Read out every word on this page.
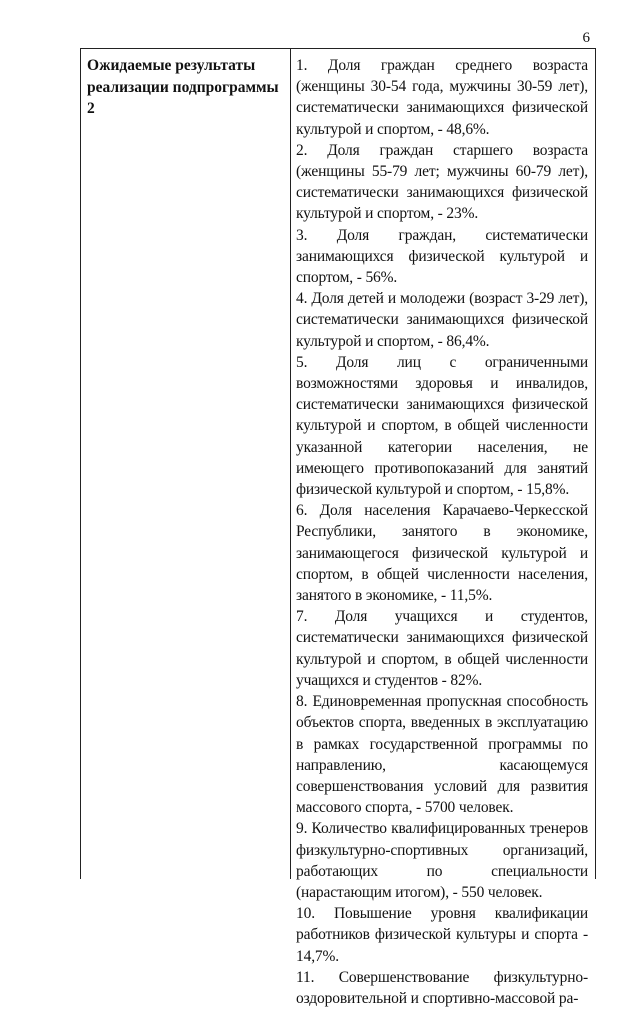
6
Ожидаемые результаты реализации подпрограммы 2

1. Доля граждан среднего возраста (женщины 30-54 года, мужчины 30-59 лет), систематически занимающихся физической культурой и спортом, - 48,6%.

2. Доля граждан старшего возраста (женщины 55-79 лет; мужчины 60-79 лет), систематически занимающихся физической культурой и спортом, - 23%.

3. Доля граждан, систематически занимающихся физической культурой и спортом, - 56%.

4. Доля детей и молодежи (возраст 3-29 лет), систематически занимающихся физической культурой и спортом, - 86,4%.

5. Доля лиц с ограниченными возможностями здоровья и инвалидов, систематически занимающихся физической культурой и спортом, в общей численности указанной категории населения, не имеющего противопоказаний для занятий физической культурой и спортом, - 15,8%.

6. Доля населения Карачаево-Черкесской Республики, занятого в экономике, занимающегося физической культурой и спортом, в общей численности населения, занятого в экономике, - 11,5%.

7. Доля учащихся и студентов, систематически занимающихся физической культурой и спортом, в общей численности учащихся и студентов - 82%.

8. Единовременная пропускная способность объектов спорта, введенных в эксплуатацию в рамках государственной программы по направлению, касающемуся совершенствования условий для развития массового спорта, - 5700 человек.

9. Количество квалифицированных тренеров физкультурно-спортивных организаций, работающих по специальности (нарастающим итогом), - 550 человек.

10. Повышение уровня квалификации работников физической культуры и спорта - 14,7%.

11. Совершенствование физкультурно-оздоровительной и спортивно-массовой ра-
